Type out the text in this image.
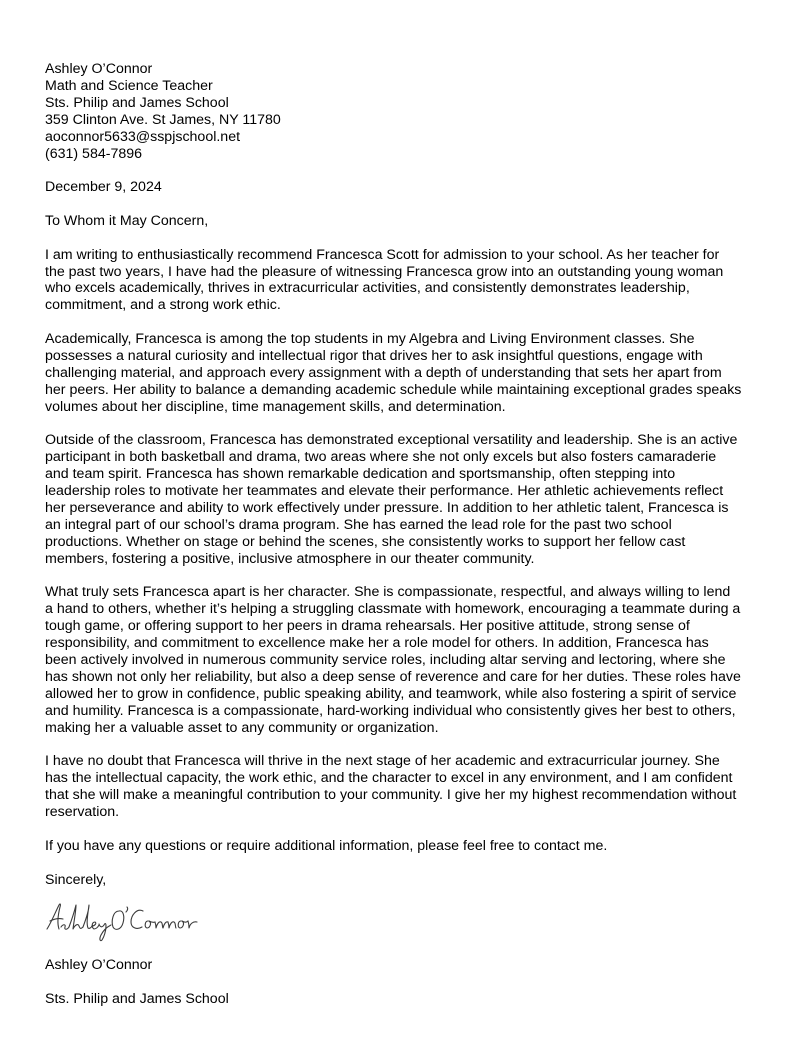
Ashley O’Connor
Math and Science Teacher
Sts. Philip and James School
359 Clinton Ave. St James, NY 11780
aoconnor5633@sspjschool.net
(631) 584-7896
December 9, 2024
To Whom it May Concern,
I am writing to enthusiastically recommend Francesca Scott for admission to your school. As her teacher for
the past two years, I have had the pleasure of witnessing Francesca grow into an outstanding young woman
who excels academically, thrives in extracurricular activities, and consistently demonstrates leadership,
commitment, and a strong work ethic.
Academically, Francesca is among the top students in my Algebra and Living Environment classes. She
possesses a natural curiosity and intellectual rigor that drives her to ask insightful questions, engage with
challenging material, and approach every assignment with a depth of understanding that sets her apart from
her peers. Her ability to balance a demanding academic schedule while maintaining exceptional grades speaks
volumes about her discipline, time management skills, and determination.
Outside of the classroom, Francesca has demonstrated exceptional versatility and leadership. She is an active
participant in both basketball and drama, two areas where she not only excels but also fosters camaraderie
and team spirit. Francesca has shown remarkable dedication and sportsmanship, often stepping into
leadership roles to motivate her teammates and elevate their performance. Her athletic achievements reflect
her perseverance and ability to work effectively under pressure. In addition to her athletic talent, Francesca is
an integral part of our school’s drama program. She has earned the lead role for the past two school
productions. Whether on stage or behind the scenes, she consistently works to support her fellow cast
members, fostering a positive, inclusive atmosphere in our theater community.
What truly sets Francesca apart is her character. She is compassionate, respectful, and always willing to lend
a hand to others, whether it’s helping a struggling classmate with homework, encouraging a teammate during a
tough game, or offering support to her peers in drama rehearsals. Her positive attitude, strong sense of
responsibility, and commitment to excellence make her a role model for others. In addition, Francesca has
been actively involved in numerous community service roles, including altar serving and lectoring, where she
has shown not only her reliability, but also a deep sense of reverence and care for her duties. These roles have
allowed her to grow in confidence, public speaking ability, and teamwork, while also fostering a spirit of service
and humility. Francesca is a compassionate, hard-working individual who consistently gives her best to others,
making her a valuable asset to any community or organization.
I have no doubt that Francesca will thrive in the next stage of her academic and extracurricular journey. She
has the intellectual capacity, the work ethic, and the character to excel in any environment, and I am confident
that she will make a meaningful contribution to your community. I give her my highest recommendation without
reservation.
If you have any questions or require additional information, please feel free to contact me.
Sincerely,
Ashley O’Connor
Sts. Philip and James School
